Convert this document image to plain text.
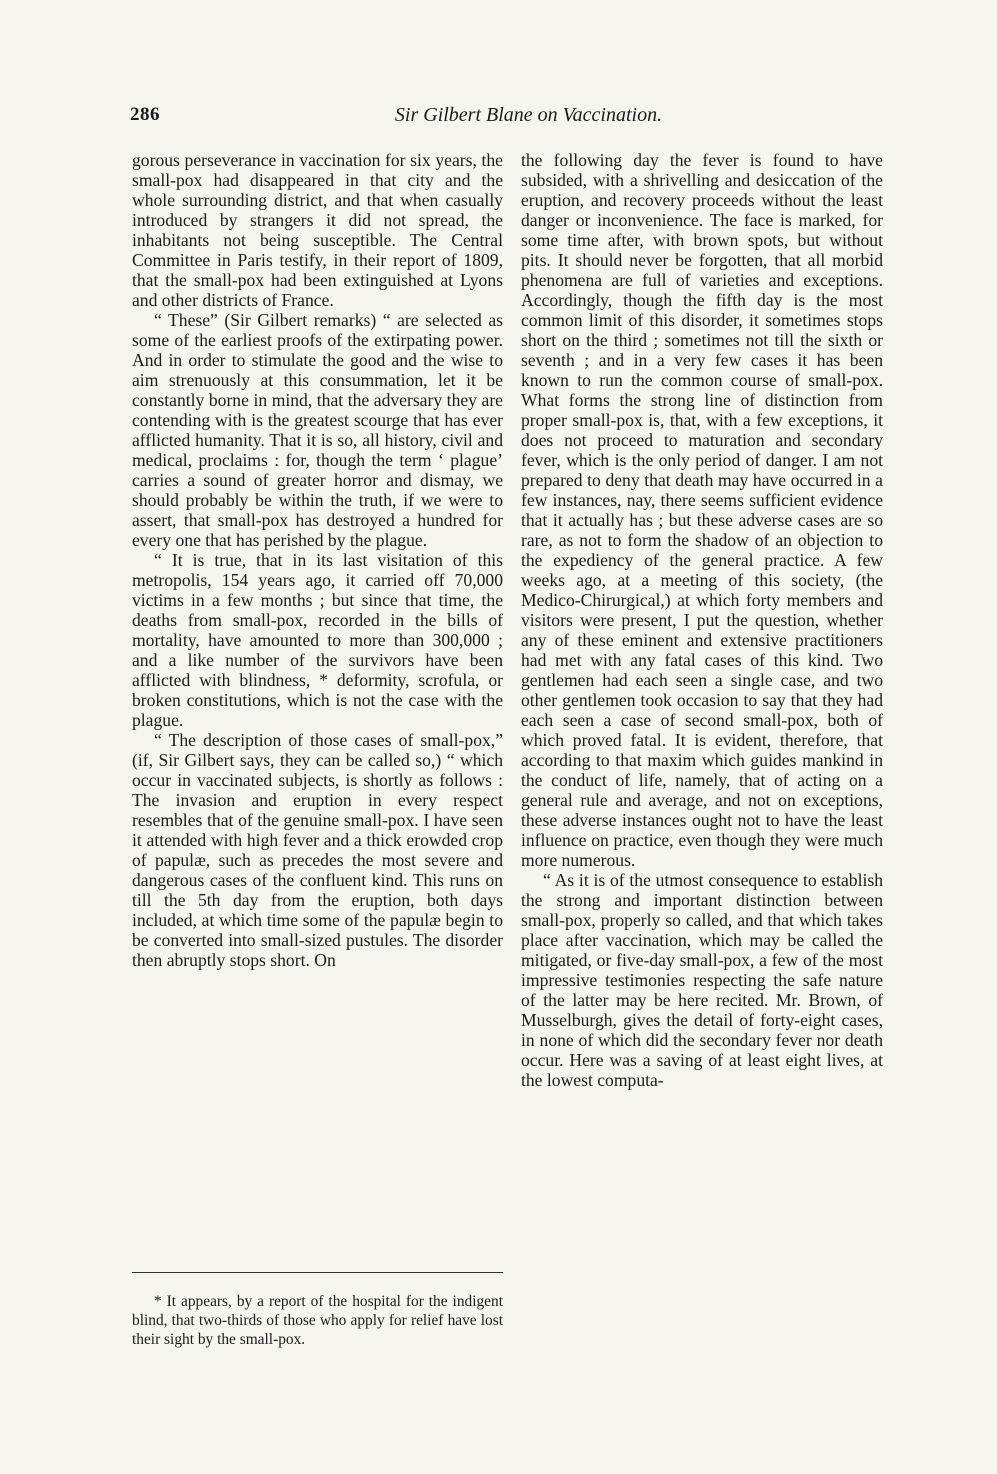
286	Sir Gilbert Blane on Vaccination.

gorous perseverance in vaccination for six years, the small-pox had disappeared in that city and the whole surrounding district, and that when casually introduced by strangers it did not spread, the inhabitants not being susceptible. The Central Committee in Paris testify, in their report of 1809, that the small-pox had been extinguished at Lyons and other districts of France.

“ These” (Sir Gilbert remarks) “ are selected as some of the earliest proofs of the extirpating power. And in order to stimulate the good and the wise to aim strenuously at this consummation, let it be constantly borne in mind, that the adversary they are contending with is the greatest scourge that has ever afflicted humanity. That it is so, all history, civil and medical, proclaims : for, though the term ‘ plague’ carries a sound of greater horror and dismay, we should probably be within the truth, if we were to assert, that small-pox has destroyed a hundred for every one that has perished by the plague.

“ It is true, that in its last visitation of this metropolis, 154 years ago, it carried off 70,000 victims in a few months ; but since that time, the deaths from small-pox, recorded in the bills of mortality, have amounted to more than 300,000 ; and a like number of the survivors have been afflicted with blindness, * deformity, scrofula, or broken constitutions, which is not the case with the plague.

“ The description of those cases of small-pox,” (if, Sir Gilbert says, they can be called so,) “ which occur in vaccinated subjects, is shortly as follows : The invasion and eruption in every respect resembles that of the genuine small-pox. I have seen it attended with high fever and a thick erowded crop of papulæ, such as precedes the most severe and dangerous cases of the confluent kind. This runs on till the 5th day from the eruption, both days included, at which time some of the papulæ begin to be converted into small-sized pustules. The disorder then abruptly stops short. On

the following day the fever is found to have subsided, with a shrivelling and desiccation of the eruption, and recovery proceeds without the least danger or inconvenience. The face is marked, for some time after, with brown spots, but without pits. It should never be forgotten, that all morbid phenomena are full of varieties and exceptions. Accordingly, though the fifth day is the most common limit of this disorder, it sometimes stops short on the third ; sometimes not till the sixth or seventh ; and in a very few cases it has been known to run the common course of small-pox. What forms the strong line of distinction from proper small-pox is, that, with a few exceptions, it does not proceed to maturation and secondary fever, which is the only period of danger. I am not prepared to deny that death may have occurred in a few instances, nay, there seems sufficient evidence that it actually has ; but these adverse cases are so rare, as not to form the shadow of an objection to the expediency of the general practice. A few weeks ago, at a meeting of this society, (the Medico-Chirurgical,) at which forty members and visitors were present, I put the question, whether any of these eminent and extensive practitioners had met with any fatal cases of this kind. Two gentlemen had each seen a single case, and two other gentlemen took occasion to say that they had each seen a case of second small-pox, both of which proved fatal. It is evident, therefore, that according to that maxim which guides mankind in the conduct of life, namely, that of acting on a general rule and average, and not on exceptions, these adverse instances ought not to have the least influence on practice, even though they were much more numerous.

“ As it is of the utmost consequence to establish the strong and important distinction between small-pox, properly so called, and that which takes place after vaccination, which may be called the mitigated, or five-day small-pox, a few of the most impressive testimonies respecting the safe nature of the latter may be here recited. Mr. Brown, of Musselburgh, gives the detail of forty-eight cases, in none of which did the secondary fever nor death occur. Here was a saving of at least eight lives, at the lowest computa-

* It appears, by a report of the hospital for the indigent blind, that two-thirds of those who apply for relief have lost their sight by the small-pox.
